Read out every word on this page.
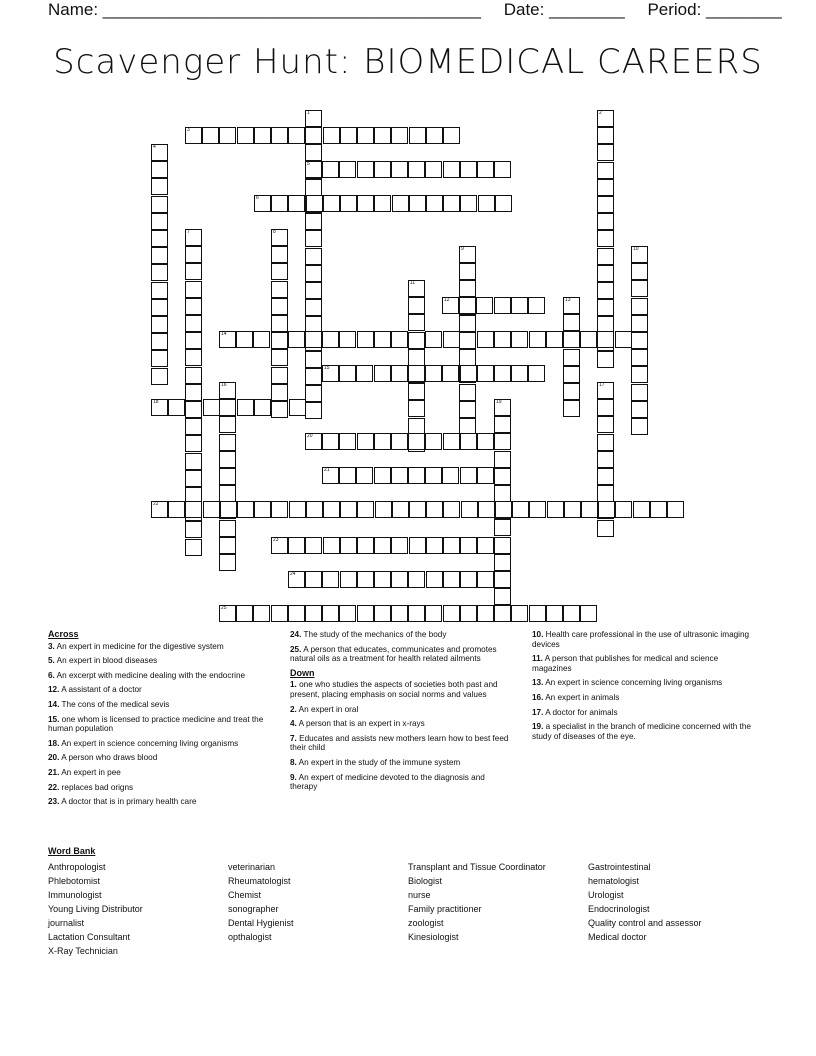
Name: ________________________________________ Date: ________ Period: ________
Scavenger Hunt: BIOMEDICAL CAREERS
1	2
3
4
5
6
7	8
9	10
11
12	13
14
15
16	17
18	19
20
21
22
23
24
25
Across
3. An expert in medicine for the digestive system
5. An expert in blood diseases
6. An excerpt with medicine dealing with the endocrine
12. A assistant of a doctor
14. The cons of the medical sevis
15. one whom is licensed to practice medicine and treat the human population
18. An expert in science concerning living organisms
20. A person who draws blood
21. An expert in pee
22. replaces bad origns
23. A doctor that is in primary health care
24. The study of the mechanics of the body
25. A person that educates, communicates and promotes natural oils as a treatment for health related ailments
Down
1. one who studies the aspects of societies both past and present, placing emphasis on social norms and values
2. An expert in oral
4. A person that is an expert in x-rays
7. Educates and assists new mothers learn how to best feed their child
8. An expert in the study of the immune system
9. An expert of medicine devoted to the diagnosis and therapy
10. Health care professional in the use of ultrasonic imaging devices
11. A person that publishes for medical and science magazines
13. An expert in science concerning living organisms
16. An expert in animals
17. A doctor for animals
19. a specialist in the branch of medicine concerned with the study of diseases of the eye.
Word Bank
Anthropologist
Phlebotomist
Immunologist
Young Living Distributor
journalist
Lactation Consultant
X-Ray Technician
veterinarian
Rheumatologist
Chemist
sonographer
Dental Hygienist
opthalogist
Transplant and Tissue Coordinator
Biologist
nurse
Family practitioner
zoologist
Kinesiologist
Gastrointestinal
hematologist
Urologist
Endocrinologist
Quality control and assessor
Medical doctor
